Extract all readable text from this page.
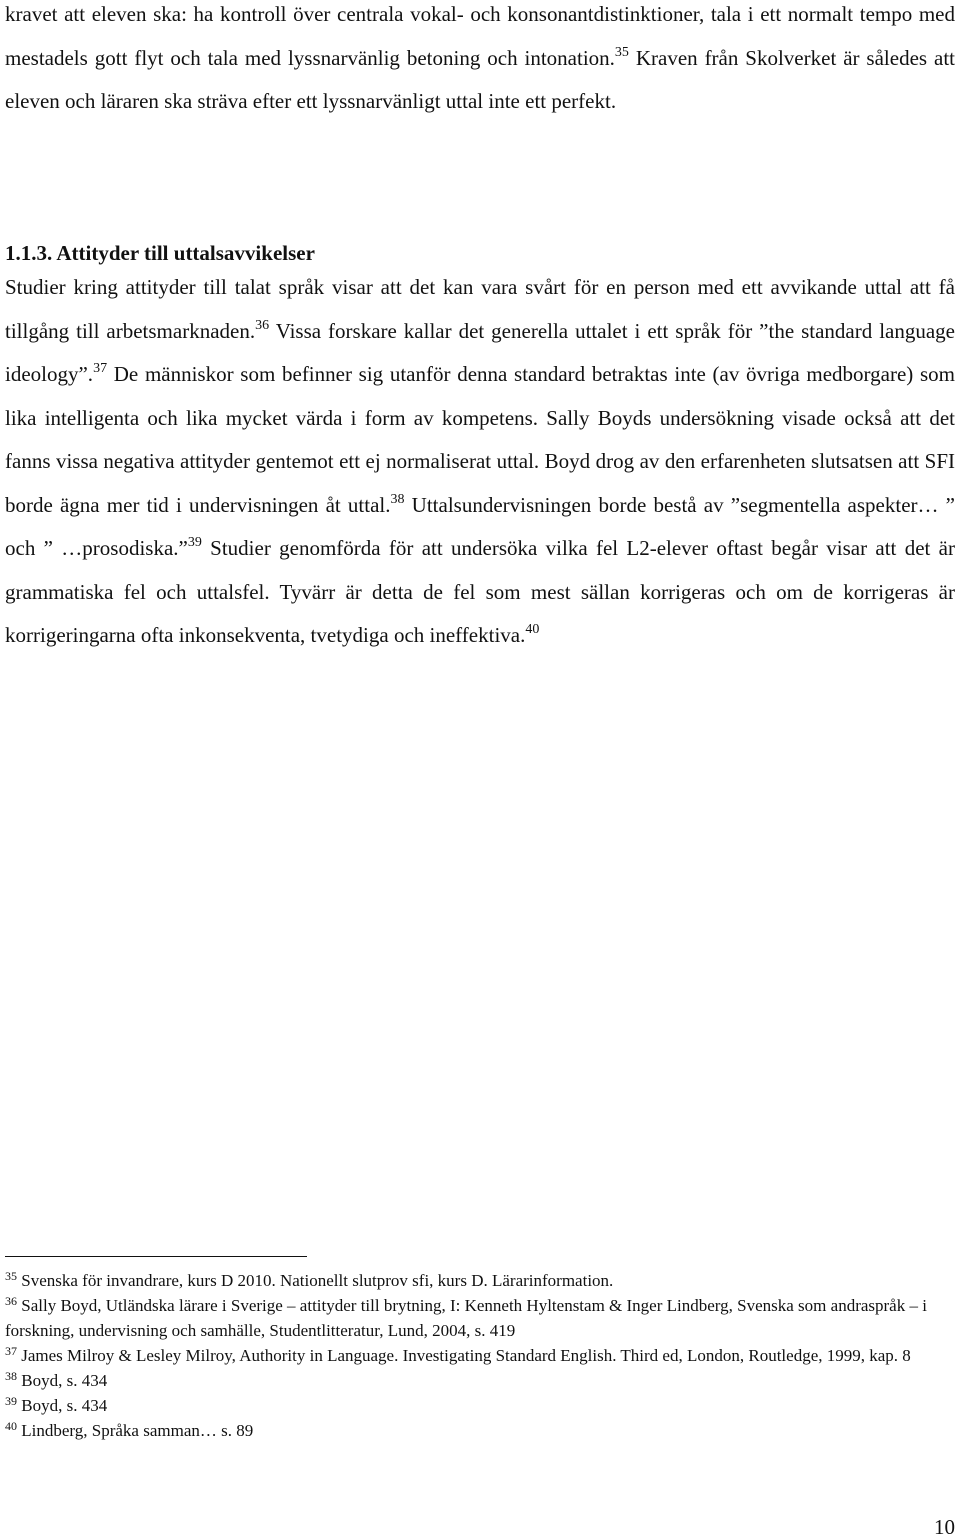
kravet att eleven ska: ha kontroll över centrala vokal- och konsonantdistinktioner, tala i ett normalt tempo med mestadels gott flyt och tala med lyssnarvänlig betoning och intonation.$^{35}$ Kraven från Skolverket är således att eleven och läraren ska sträva efter ett lyssnarvänligt uttal inte ett perfekt.

1.1.3. Attityder till uttalsavvikelser

Studier kring attityder till talat språk visar att det kan vara svårt för en person med ett avvikande uttal att få tillgång till arbetsmarknaden.$^{36}$ Vissa forskare kallar det generella uttalet i ett språk för ”the standard language ideology”.$^{37}$ De människor som befinner sig utanför denna standard betraktas inte (av övriga medborgare) som lika intelligenta och lika mycket värda i form av kompetens. Sally Boyds undersökning visade också att det fanns vissa negativa attityder gentemot ett ej normaliserat uttal. Boyd drog av den erfarenheten slutsatsen att SFI borde ägna mer tid i undervisningen åt uttal.$^{38}$ Uttalsundervisningen borde bestå av ”segmentella aspekter… ” och ” …prosodiska.”$^{39}$ Studier genomförda för att undersöka vilka fel L2-elever oftast begår visar att det är grammatiska fel och uttalsfel. Tyvärr är detta de fel som mest sällan korrigeras och om de korrigeras är korrigeringarna ofta inkonsekventa, tvetydiga och ineffektiva.$^{40}$

$^{35}$ Svenska för invandrare, kurs D 2010. Nationellt slutprov sfi, kurs D. Lärarinformation.

$^{36}$ Sally Boyd, Utländska lärare i Sverige – attityder till brytning, I: Kenneth Hyltenstam & Inger Lindberg, Svenska som andraspråk – i forskning, undervisning och samhälle, Studentlitteratur, Lund, 2004, s. 419

$^{37}$ James Milroy & Lesley Milroy, Authority in Language. Investigating Standard English. Third ed, London, Routledge, 1999, kap. 8

$^{38}$ Boyd, s. 434

$^{39}$ Boyd, s. 434

$^{40}$ Lindberg, Språka samman… s. 89

10
